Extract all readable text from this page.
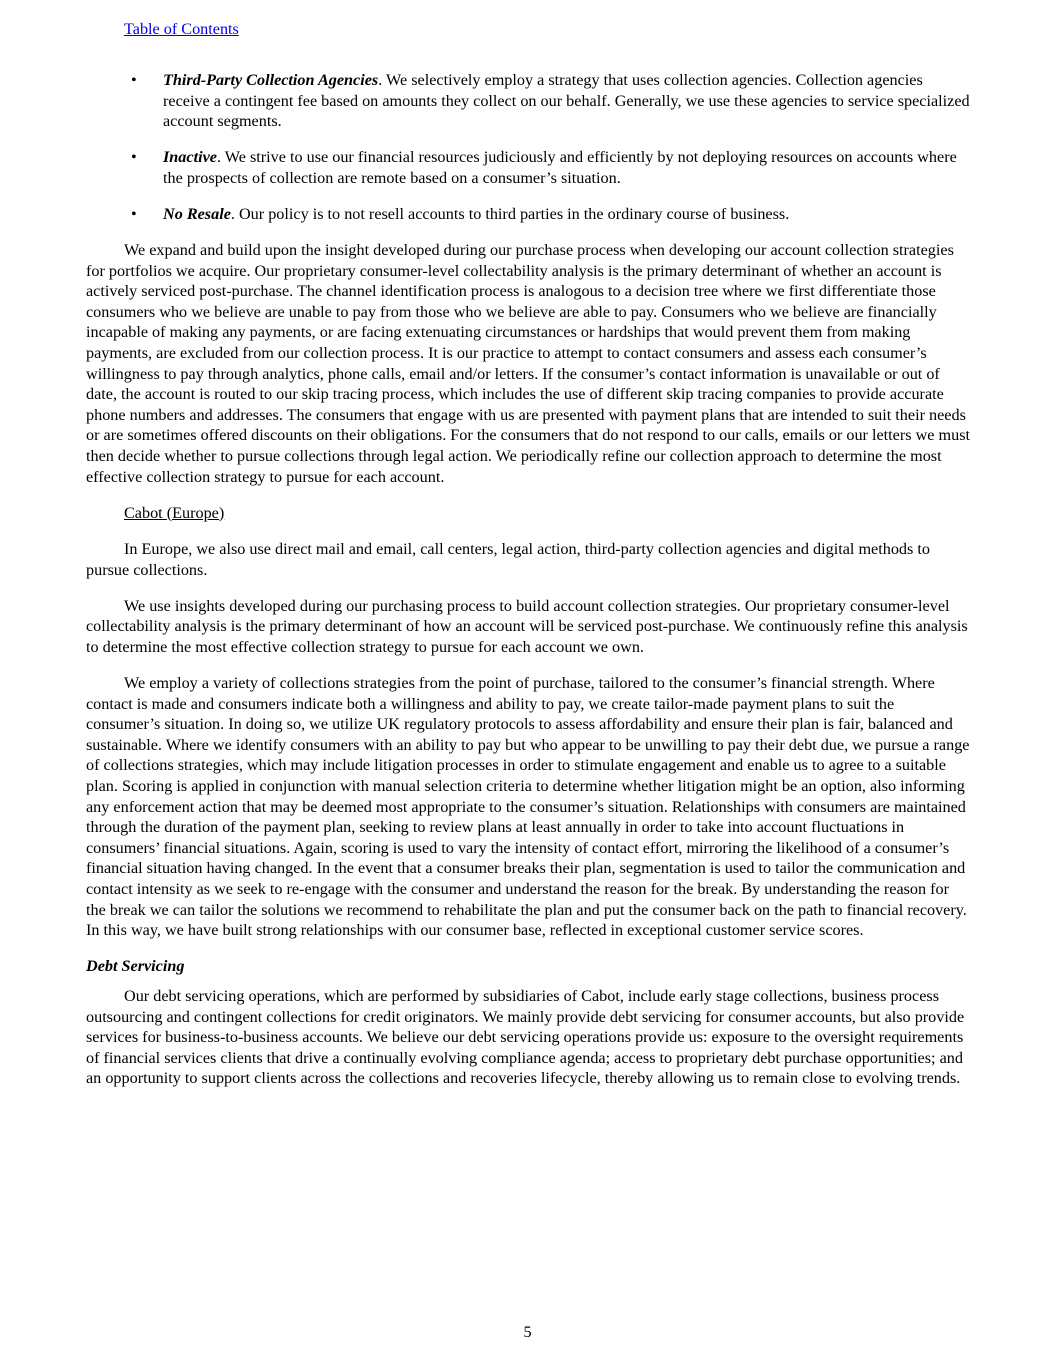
Table of Contents
• Third-Party Collection Agencies. We selectively employ a strategy that uses collection agencies. Collection agencies receive a contingent fee based on amounts they collect on our behalf. Generally, we use these agencies to service specialized account segments.
• Inactive. We strive to use our financial resources judiciously and efficiently by not deploying resources on accounts where the prospects of collection are remote based on a consumer’s situation.
• No Resale. Our policy is to not resell accounts to third parties in the ordinary course of business.

We expand and build upon the insight developed during our purchase process when developing our account collection strategies for portfolios we acquire. Our proprietary consumer-level collectability analysis is the primary determinant of whether an account is actively serviced post-purchase. The channel identification process is analogous to a decision tree where we first differentiate those consumers who we believe are unable to pay from those who we believe are able to pay. Consumers who we believe are financially incapable of making any payments, or are facing extenuating circumstances or hardships that would prevent them from making payments, are excluded from our collection process. It is our practice to attempt to contact consumers and assess each consumer’s willingness to pay through analytics, phone calls, email and/or letters. If the consumer’s contact information is unavailable or out of date, the account is routed to our skip tracing process, which includes the use of different skip tracing companies to provide accurate phone numbers and addresses. The consumers that engage with us are presented with payment plans that are intended to suit their needs or are sometimes offered discounts on their obligations. For the consumers that do not respond to our calls, emails or our letters we must then decide whether to pursue collections through legal action. We periodically refine our collection approach to determine the most effective collection strategy to pursue for each account.

Cabot (Europe)

In Europe, we also use direct mail and email, call centers, legal action, third-party collection agencies and digital methods to pursue collections.

We use insights developed during our purchasing process to build account collection strategies. Our proprietary consumer-level collectability analysis is the primary determinant of how an account will be serviced post-purchase. We continuously refine this analysis to determine the most effective collection strategy to pursue for each account we own.

We employ a variety of collections strategies from the point of purchase, tailored to the consumer’s financial strength. Where contact is made and consumers indicate both a willingness and ability to pay, we create tailor-made payment plans to suit the consumer’s situation. In doing so, we utilize UK regulatory protocols to assess affordability and ensure their plan is fair, balanced and sustainable. Where we identify consumers with an ability to pay but who appear to be unwilling to pay their debt due, we pursue a range of collections strategies, which may include litigation processes in order to stimulate engagement and enable us to agree to a suitable plan. Scoring is applied in conjunction with manual selection criteria to determine whether litigation might be an option, also informing any enforcement action that may be deemed most appropriate to the consumer’s situation. Relationships with consumers are maintained through the duration of the payment plan, seeking to review plans at least annually in order to take into account fluctuations in consumers’ financial situations. Again, scoring is used to vary the intensity of contact effort, mirroring the likelihood of a consumer’s financial situation having changed. In the event that a consumer breaks their plan, segmentation is used to tailor the communication and contact intensity as we seek to re-engage with the consumer and understand the reason for the break. By understanding the reason for the break we can tailor the solutions we recommend to rehabilitate the plan and put the consumer back on the path to financial recovery. In this way, we have built strong relationships with our consumer base, reflected in exceptional customer service scores.

Debt Servicing

Our debt servicing operations, which are performed by subsidiaries of Cabot, include early stage collections, business process outsourcing and contingent collections for credit originators. We mainly provide debt servicing for consumer accounts, but also provide services for business-to-business accounts. We believe our debt servicing operations provide us: exposure to the oversight requirements of financial services clients that drive a continually evolving compliance agenda; access to proprietary debt purchase opportunities; and an opportunity to support clients across the collections and recoveries lifecycle, thereby allowing us to remain close to evolving trends.

5
